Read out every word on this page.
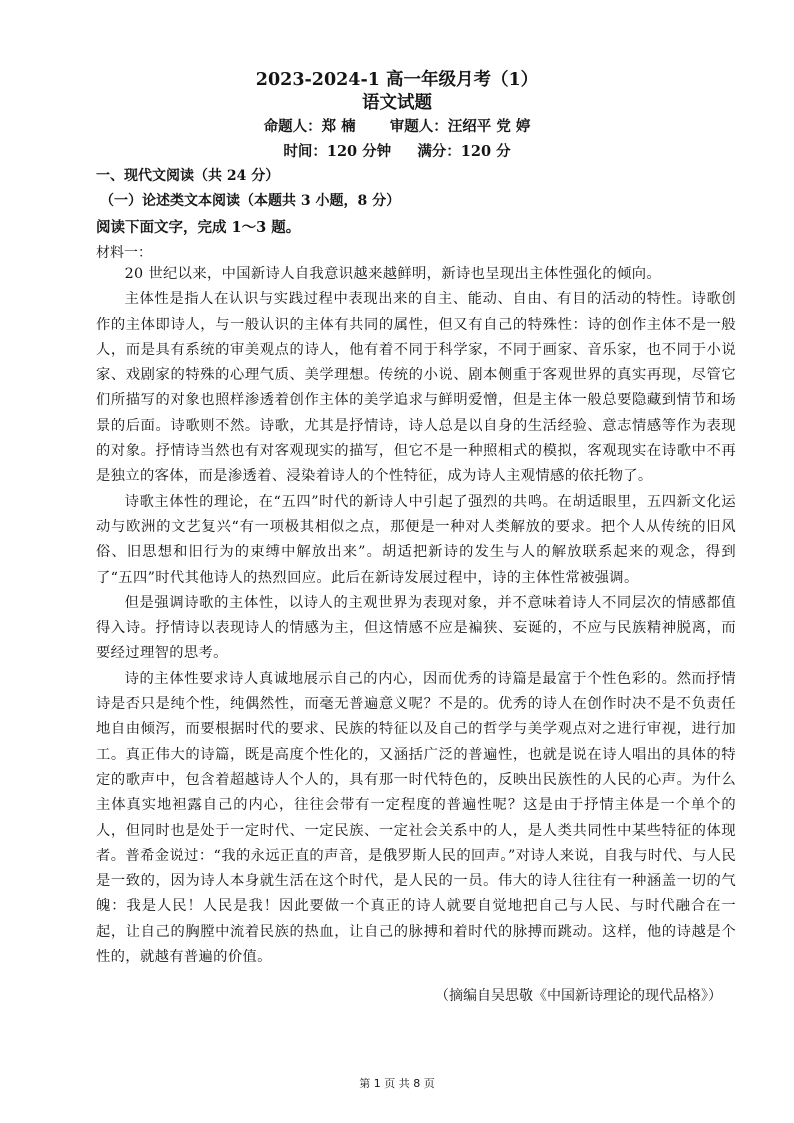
2023-2024-1 高一年级月考（1）
语文试题
命题人：郑 楠 审题人：汪绍平 党 婷
时间：120 分钟 满分：120 分
一、现代文阅读（共 24 分）
（一）论述类文本阅读（本题共 3 小题，8 分）
阅读下面文字，完成 1～3 题。
材料一：

20 世纪以来，中国新诗人自我意识越来越鲜明，新诗也呈现出主体性强化的倾向。

主体性是指人在认识与实践过程中表现出来的自主、能动、自由、有目的活动的特性。诗歌创作的主体即诗人，与一般认识的主体有共同的属性，但又有自己的特殊性：诗的创作主体不是一般人，而是具有系统的审美观点的诗人，他有着不同于科学家，不同于画家、音乐家，也不同于小说家、戏剧家的特殊的心理气质、美学理想。传统的小说、剧本侧重于客观世界的真实再现，尽管它们所描写的对象也照样渗透着创作主体的美学追求与鲜明爱憎，但是主体一般总要隐藏到情节和场景的后面。诗歌则不然。诗歌，尤其是抒情诗，诗人总是以自身的生活经验、意志情感等作为表现的对象。抒情诗当然也有对客观现实的描写，但它不是一种照相式的模拟，客观现实在诗歌中不再是独立的客体，而是渗透着、浸染着诗人的个性特征，成为诗人主观情感的依托物了。

诗歌主体性的理论，在“五四”时代的新诗人中引起了强烈的共鸣。在胡适眼里，五四新文化运动与欧洲的文艺复兴“有一项极其相似之点，那便是一种对人类解放的要求。把个人从传统的旧风俗、旧思想和旧行为的束缚中解放出来”。胡适把新诗的发生与人的解放联系起来的观念，得到了“五四”时代其他诗人的热烈回应。此后在新诗发展过程中，诗的主体性常被强调。

但是强调诗歌的主体性，以诗人的主观世界为表现对象，并不意味着诗人不同层次的情感都值得入诗。抒情诗以表现诗人的情感为主，但这情感不应是褊狭、妄诞的，不应与民族精神脱离，而要经过理智的思考。

诗的主体性要求诗人真诚地展示自己的内心，因而优秀的诗篇是最富于个性色彩的。然而抒情诗是否只是纯个性，纯偶然性，而毫无普遍意义呢？不是的。优秀的诗人在创作时决不是不负责任地自由倾泻，而要根据时代的要求、民族的特征以及自己的哲学与美学观点对之进行审视，进行加工。真正伟大的诗篇，既是高度个性化的，又涵括广泛的普遍性，也就是说在诗人唱出的具体的特定的歌声中，包含着超越诗人个人的，具有那一时代特色的，反映出民族性的人民的心声。为什么主体真实地袒露自己的内心，往往会带有一定程度的普遍性呢？这是由于抒情主体是一个单个的人，但同时也是处于一定时代、一定民族、一定社会关系中的人，是人类共同性中某些特征的体现者。普希金说过：“我的永远正直的声音，是俄罗斯人民的回声。”对诗人来说，自我与时代、与人民是一致的，因为诗人本身就生活在这个时代，是人民的一员。伟大的诗人往往有一种涵盖一切的气魄：我是人民！人民是我！因此要做一个真正的诗人就要自觉地把自己与人民、与时代融合在一起，让自己的胸膛中流着民族的热血，让自己的脉搏和着时代的脉搏而跳动。这样，他的诗越是个性的，就越有普遍的价值。

（摘编自吴思敬《中国新诗理论的现代品格》）
第 1 页 共 8 页
